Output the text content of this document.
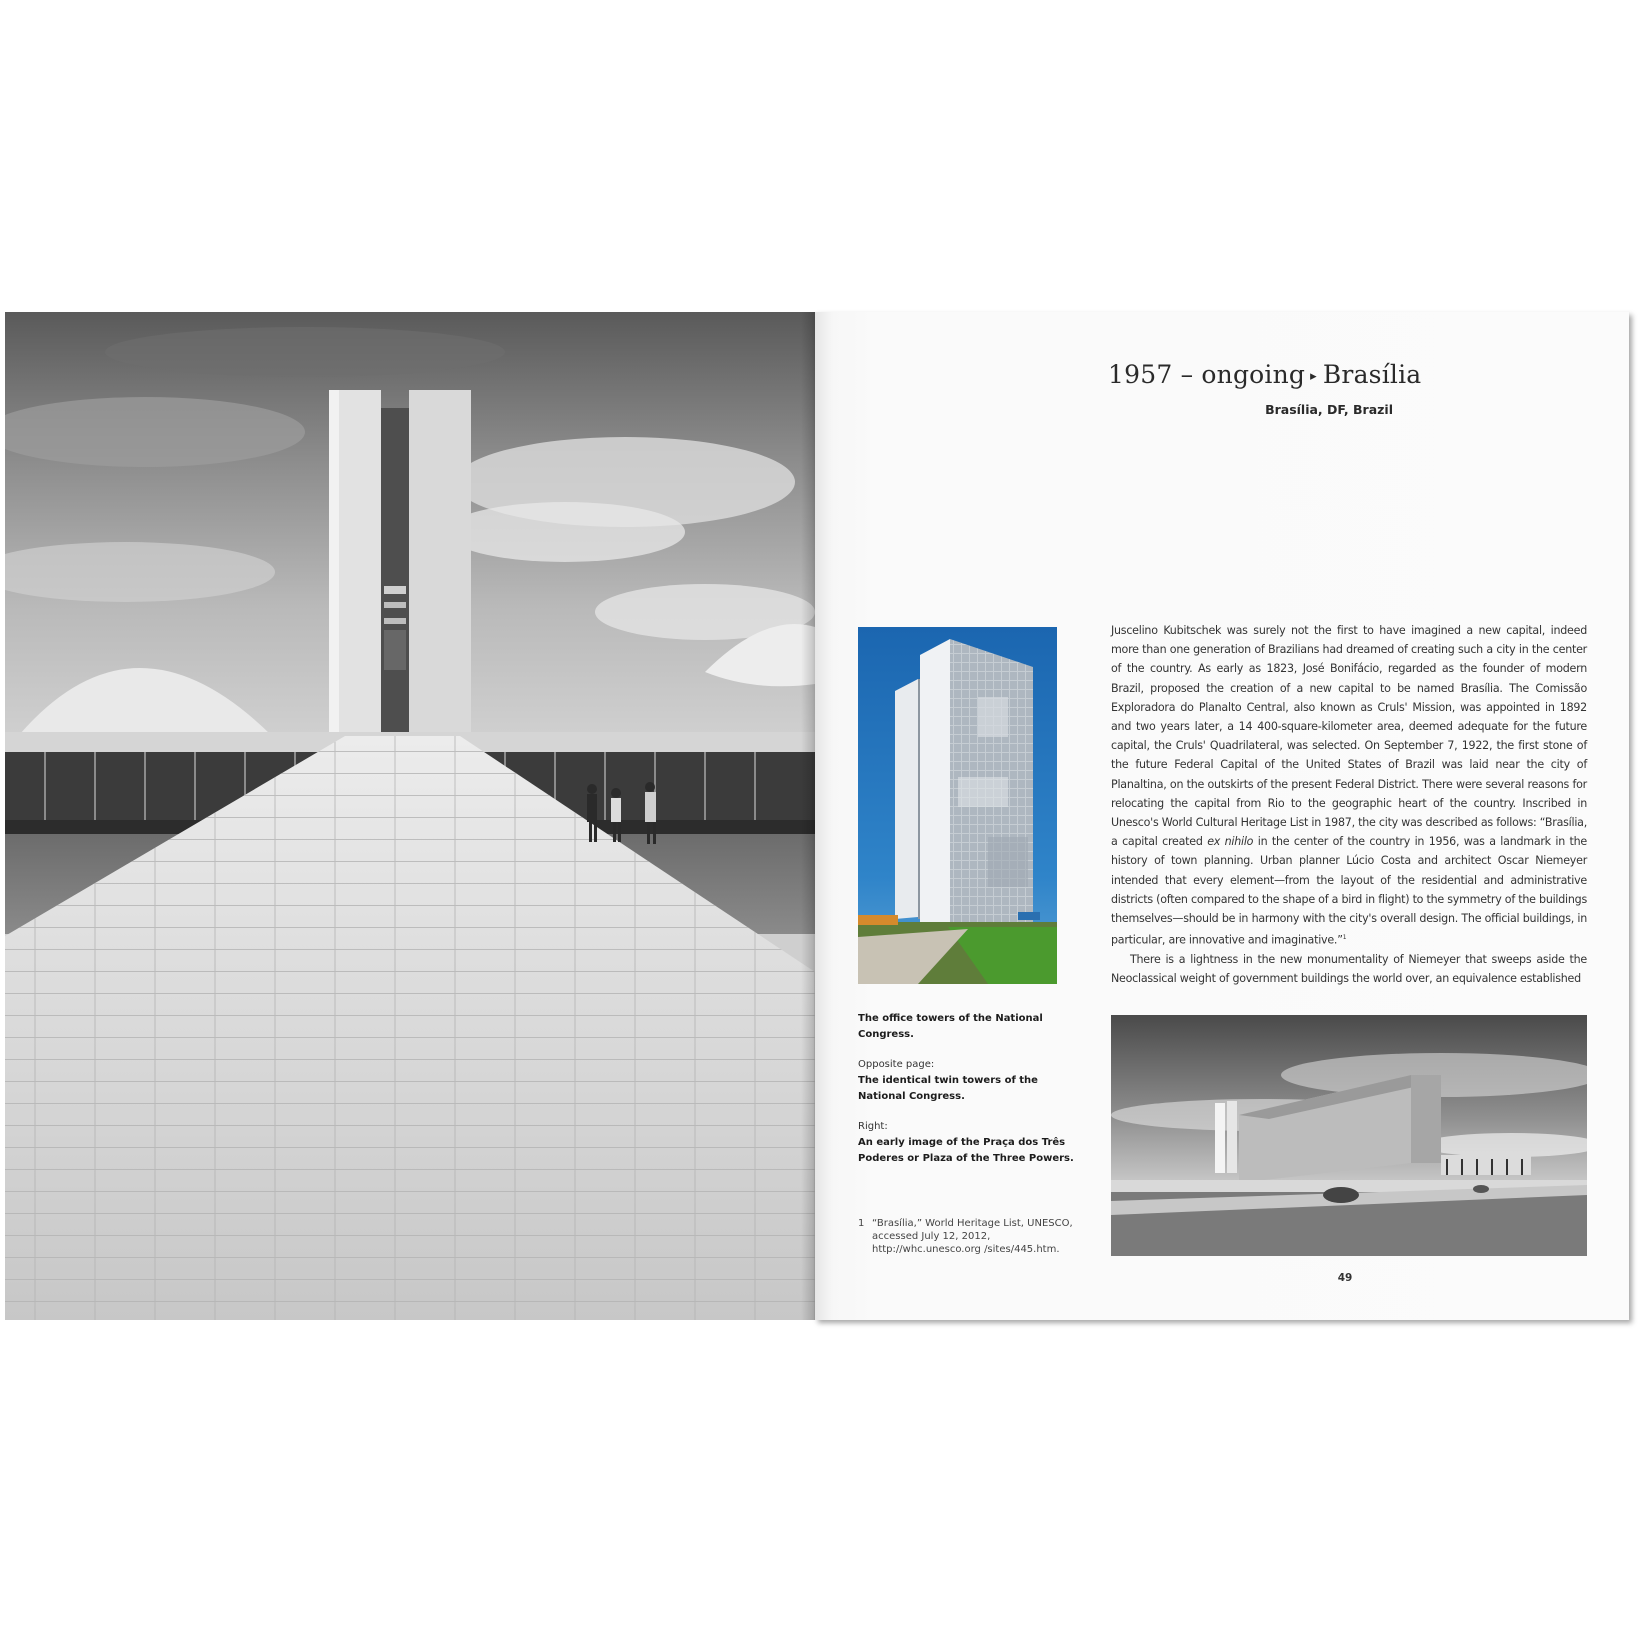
1957 – ongoing ▸ Brasília
Brasília, DF, Brazil

Juscelino Kubitschek was surely not the first to have imagined a new capital, indeed more than one generation of Brazilians had dreamed of creating such a city in the center of the country. As early as 1823, José Bonifácio, regarded as the founder of modern Brazil, proposed the creation of a new capital to be named Brasília. The Comissão Exploradora do Planalto Central, also known as Cruls' Mission, was appointed in 1892 and two years later, a 14 400-square-kilometer area, deemed adequate for the future capital, the Cruls' Quadrilateral, was selected. On September 7, 1922, the first stone of the future Federal Capital of the United States of Brazil was laid near the city of Planaltina, on the outskirts of the present Federal District. There were several reasons for relocating the capital from Rio to the geographic heart of the country. Inscribed in Unesco's World Cultural Heritage List in 1987, the city was described as follows: “Brasília, a capital created ex nihilo in the center of the country in 1956, was a landmark in the history of town planning. Urban planner Lúcio Costa and architect Oscar Niemeyer intended that every element—from the layout of the residential and administrative districts (often compared to the shape of a bird in flight) to the symmetry of the buildings themselves—should be in harmony with the city's overall design. The official buildings, in particular, are innovative and imaginative.”$^1$

There is a lightness in the new monumentality of Niemeyer that sweeps aside the Neoclassical weight of government buildings the world over, an equivalence established

The office towers of the National Congress.
Opposite page:
The identical twin towers of the National Congress.
Right:
An early image of the Praça dos Três Poderes or Plaza of the Three Powers.
1 “Brasília,” World Heritage List, UNESCO, accessed July 12, 2012, http://whc.unesco.org /sites/445.htm.
49
